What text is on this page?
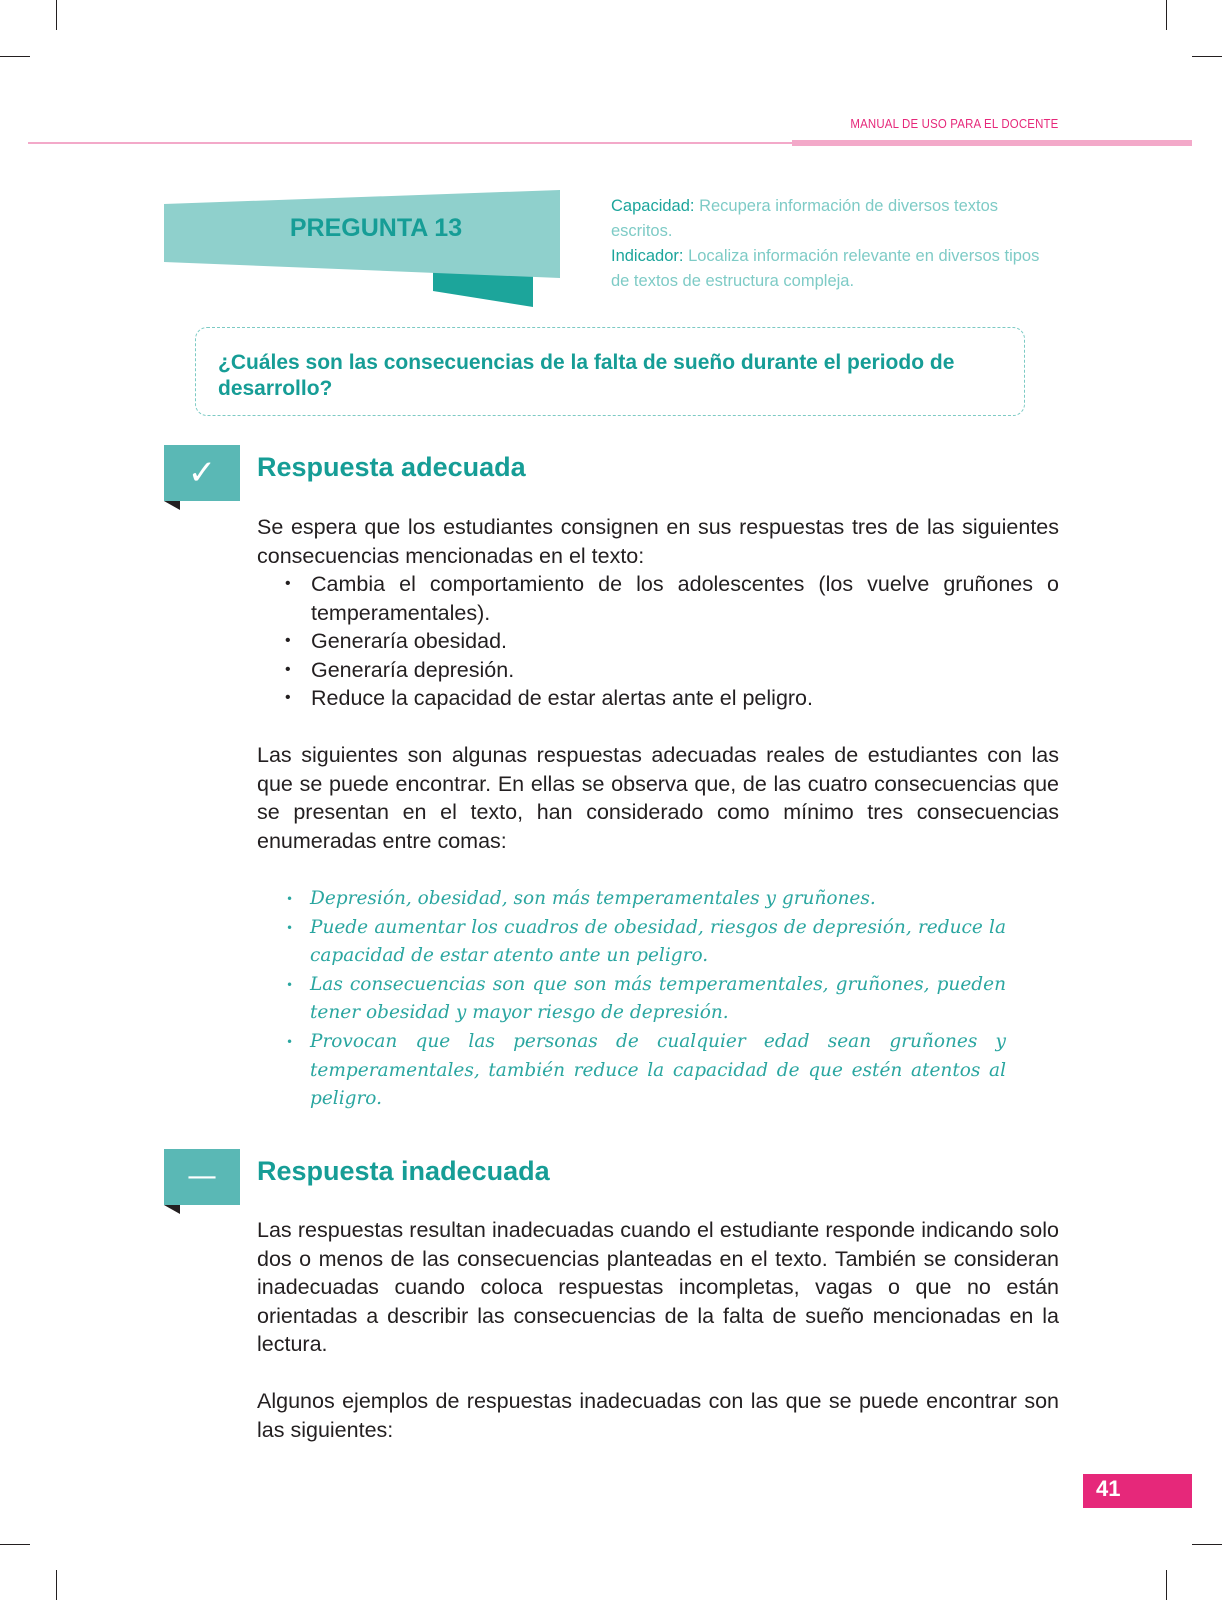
MANUAL DE USO PARA EL DOCENTE
PREGUNTA 13
Capacidad: Recupera información de diversos textos escritos.
Indicador: Localiza información relevante en diversos tipos de textos de estructura compleja.
¿Cuáles son las consecuencias de la falta de sueño durante el periodo de desarrollo?
✓	Respuesta adecuada
Se espera que los estudiantes consignen en sus respuestas tres de las siguientes consecuencias mencionadas en el texto:
• Cambia el comportamiento de los adolescentes (los vuelve gruñones o temperamentales).
• Generaría obesidad.
• Generaría depresión.
• Reduce la capacidad de estar alertas ante el peligro.
Las siguientes son algunas respuestas adecuadas reales de estudiantes con las que se puede encontrar. En ellas se observa que, de las cuatro consecuencias que se presentan en el texto, han considerado como mínimo tres consecuencias enumeradas entre comas:
• Depresión, obesidad, son más temperamentales y gruñones.
• Puede aumentar los cuadros de obesidad, riesgos de depresión, reduce la capacidad de estar atento ante un peligro.
• Las consecuencias son que son más temperamentales, gruñones, pueden tener obesidad y mayor riesgo de depresión.
• Provocan que las personas de cualquier edad sean gruñones y temperamentales, también reduce la capacidad de que estén atentos al peligro.
—	Respuesta inadecuada
Las respuestas resultan inadecuadas cuando el estudiante responde indicando solo dos o menos de las consecuencias planteadas en el texto. También se consideran inadecuadas cuando coloca respuestas incompletas, vagas o que no están orientadas a describir las consecuencias de la falta de sueño mencionadas en la lectura.
Algunos ejemplos de respuestas inadecuadas con las que se puede encontrar son las siguientes:
41
